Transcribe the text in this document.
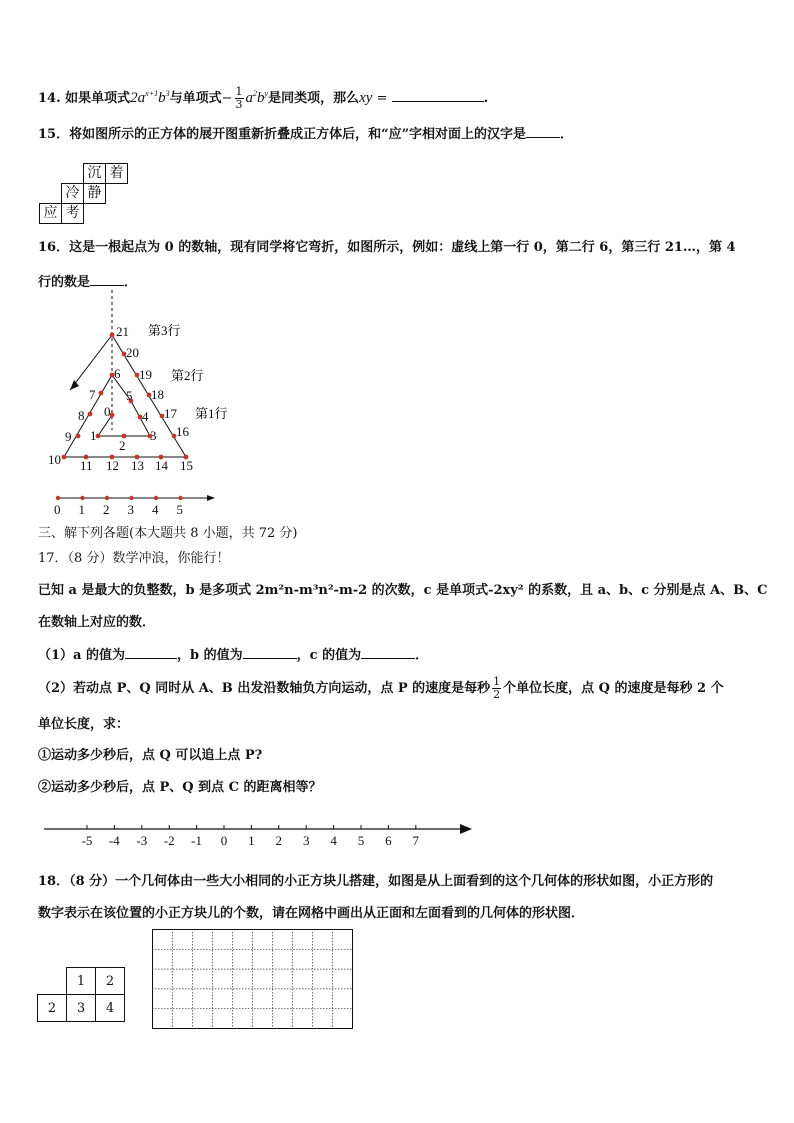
14. 如果单项式$2a^{x+1}b^3$与单项式− $\frac{1}{3} a^2b^y$是同类项，那么xy =	.
15．将如图所示的正方体的展开图重新折叠成正方体后，和“应”字相对面上的汉字是	．
		沉	着
	冷	静	
应	考		
16．这是一根起点为 0 的数轴，现有同学将它弯折，如图所示，例如：虚线上第一行 0，第二行 6，第三行 21…，第 4
行的数是	．
0
1
2
3
4
5
6
7
8
9
10 11 12 13 14 15
16
17
18
19
20
21 第3行
第2行
第1行
0 1 2 3 4 5
三、解下列各题(本大题共 8 小题，共 72 分)
17．（8 分）数学冲浪，你能行！
已知 a 是最大的负整数，b 是多项式 2m²n-m³n²-m-2 的次数，c 是单项式-2xy² 的系数，且 a、b、c 分别是点 A、B、C
在数轴上对应的数．
（1）a 的值为	，b 的值为	，c 的值为	．
（2）若动点 P、Q 同时从 A、B 出发沿数轴负方向运动，点 P 的速度是每秒 $\frac{1}{2}$ 个单位长度，点 Q 的速度是每秒 2 个
单位长度，求：
①运动多少秒后，点 Q 可以追上点 P?
②运动多少秒后，点 P、Q 到点 C 的距离相等？
-5 -4 -3 -2 -1 0 1 2 3 4 5 6 7
18．（8 分）一个几何体由一些大小相同的小正方块儿搭建，如图是从上面看到的这个几何体的形状如图，小正方形的
数字表示在该位置的小正方块儿的个数，请在网格中画出从正面和左面看到的几何体的形状图．
	1	2
2	3	4
